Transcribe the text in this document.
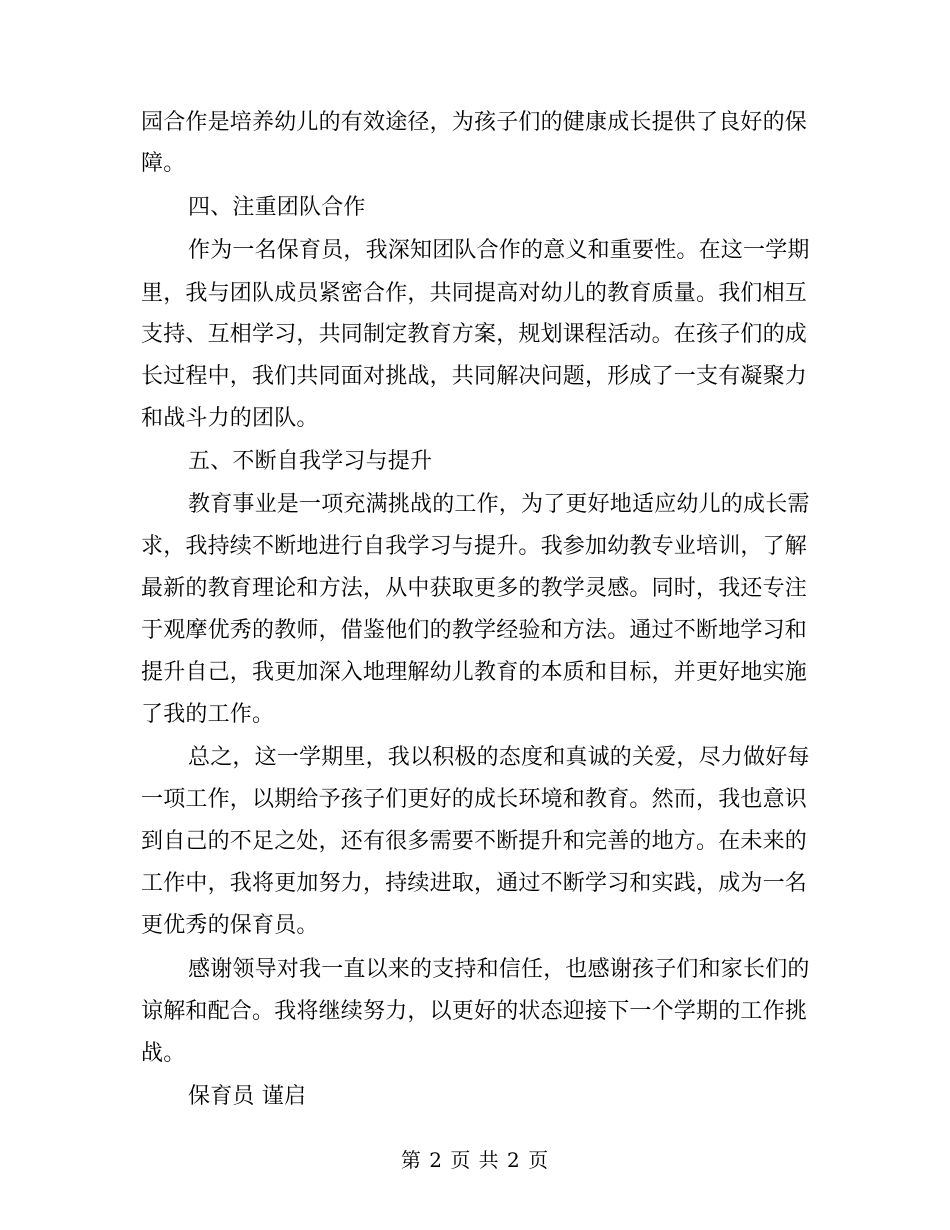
园合作是培养幼儿的有效途径，为孩子们的健康成长提供了良好的保
障。
四、注重团队合作
作为一名保育员，我深知团队合作的意义和重要性。在这一学期
里，我与团队成员紧密合作，共同提高对幼儿的教育质量。我们相互
支持、互相学习，共同制定教育方案，规划课程活动。在孩子们的成
长过程中，我们共同面对挑战，共同解决问题，形成了一支有凝聚力
和战斗力的团队。
五、不断自我学习与提升
教育事业是一项充满挑战的工作，为了更好地适应幼儿的成长需
求，我持续不断地进行自我学习与提升。我参加幼教专业培训，了解
最新的教育理论和方法，从中获取更多的教学灵感。同时，我还专注
于观摩优秀的教师，借鉴他们的教学经验和方法。通过不断地学习和
提升自己，我更加深入地理解幼儿教育的本质和目标，并更好地实施
了我的工作。
总之，这一学期里，我以积极的态度和真诚的关爱，尽力做好每
一项工作，以期给予孩子们更好的成长环境和教育。然而，我也意识
到自己的不足之处，还有很多需要不断提升和完善的地方。在未来的
工作中，我将更加努力，持续进取，通过不断学习和实践，成为一名
更优秀的保育员。
感谢领导对我一直以来的支持和信任，也感谢孩子们和家长们的
谅解和配合。我将继续努力，以更好的状态迎接下一个学期的工作挑
战。
保育员 谨启
第 2 页 共 2 页
